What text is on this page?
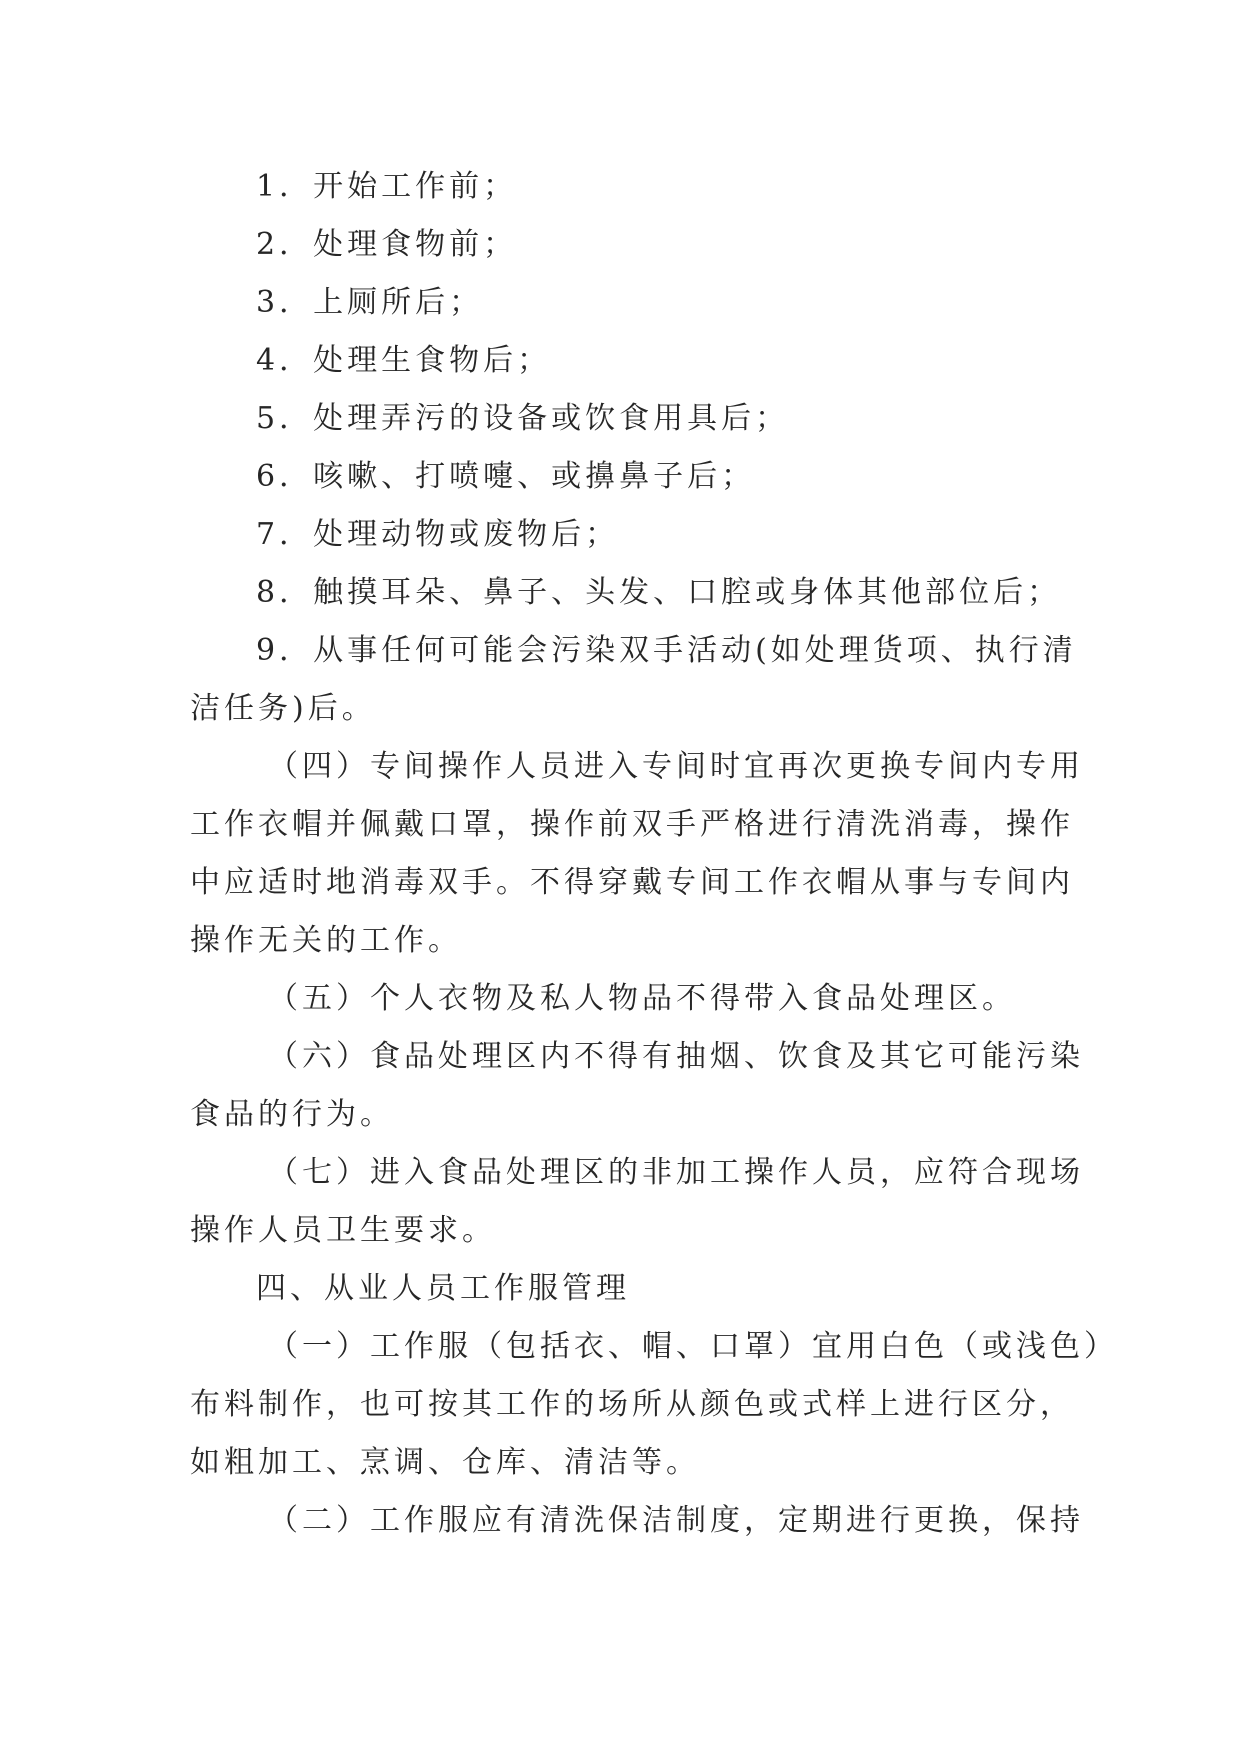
1．开始工作前；
2．处理食物前；
3．上厕所后；
4．处理生食物后；
5．处理弄污的设备或饮食用具后；
6．咳嗽、打喷嚏、或擤鼻子后；
7．处理动物或废物后；
8．触摸耳朵、鼻子、头发、口腔或身体其他部位后；
9．从事任何可能会污染双手活动(如处理货项、执行清
洁任务)后。
（四）专间操作人员进入专间时宜再次更换专间内专用
工作衣帽并佩戴口罩，操作前双手严格进行清洗消毒，操作
中应适时地消毒双手。不得穿戴专间工作衣帽从事与专间内
操作无关的工作。
（五）个人衣物及私人物品不得带入食品处理区。
（六）食品处理区内不得有抽烟、饮食及其它可能污染
食品的行为。
（七）进入食品处理区的非加工操作人员，应符合现场
操作人员卫生要求。
四、从业人员工作服管理
（一）工作服（包括衣、帽、口罩）宜用白色（或浅色）
布料制作，也可按其工作的场所从颜色或式样上进行区分，
如粗加工、烹调、仓库、清洁等。
（二）工作服应有清洗保洁制度，定期进行更换，保持
